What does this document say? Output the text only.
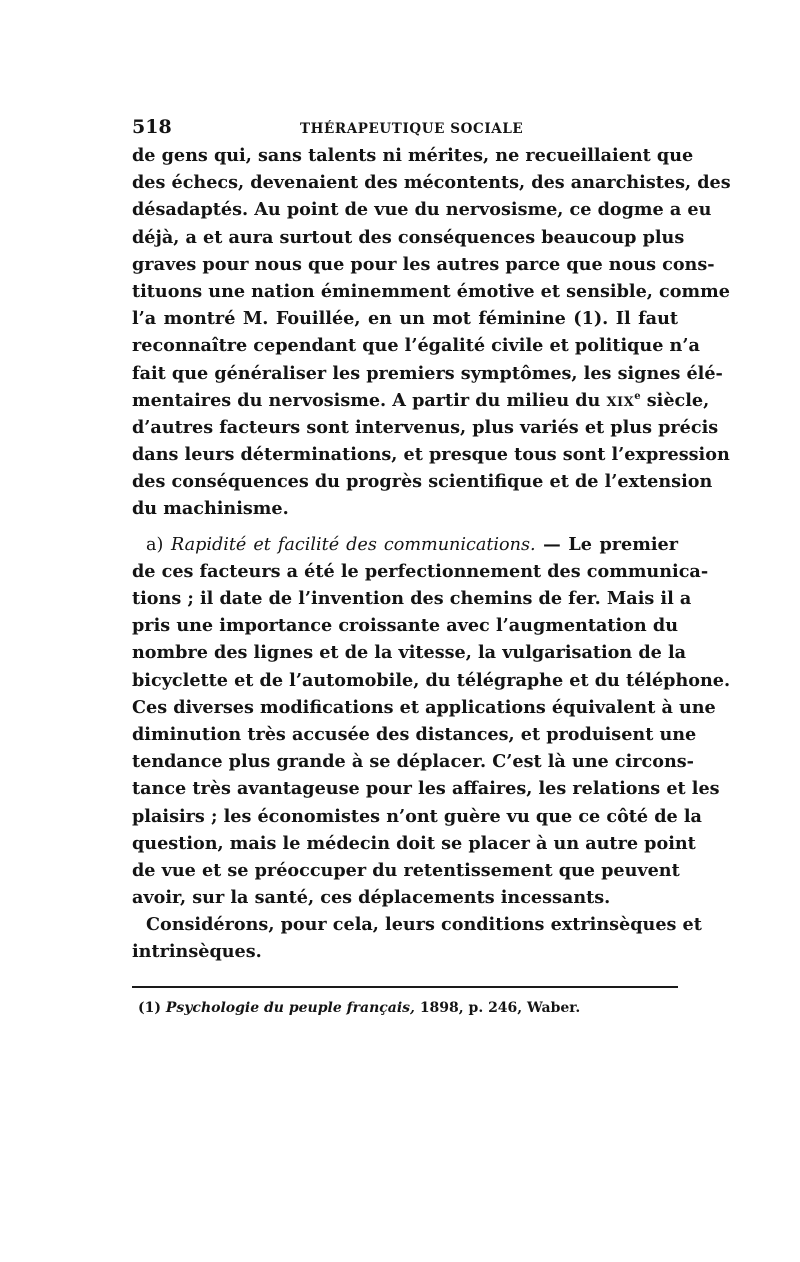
518	THÉRAPEUTIQUE SOCIALE
de gens qui, sans talents ni mérites, ne recueillaient que
des échecs, devenaient des mécontents, des anarchistes, des
désadaptés. Au point de vue du nervosisme, ce dogme a eu
déjà, a et aura surtout des conséquences beaucoup plus
graves pour nous que pour les autres parce que nous cons-
tituons une nation éminemment émotive et sensible, comme
l’a montré M. Fouillée, en un mot féminine (1). Il faut
reconnaître cependant que l’égalité civile et politique n’a
fait que généraliser les premiers symptômes, les signes élé-
mentaires du nervosisme. A partir du milieu du XIXe siècle,
d’autres facteurs sont intervenus, plus variés et plus précis
dans leurs déterminations, et presque tous sont l’expression
des conséquences du progrès scientifique et de l’extension
du machinisme.
a) Rapidité et facilité des communications. — Le premier
de ces facteurs a été le perfectionnement des communica-
tions ; il date de l’invention des chemins de fer. Mais il a
pris une importance croissante avec l’augmentation du
nombre des lignes et de la vitesse, la vulgarisation de la
bicyclette et de l’automobile, du télégraphe et du téléphone.
Ces diverses modifications et applications équivalent à une
diminution très accusée des distances, et produisent une
tendance plus grande à se déplacer. C’est là une circons-
tance très avantageuse pour les affaires, les relations et les
plaisirs ; les économistes n’ont guère vu que ce côté de la
question, mais le médecin doit se placer à un autre point
de vue et se préoccuper du retentissement que peuvent
avoir, sur la santé, ces déplacements incessants.
Considérons, pour cela, leurs conditions extrinsèques et
intrinsèques.
(1) Psychologie du peuple français, 1898, p. 246, Waber.
